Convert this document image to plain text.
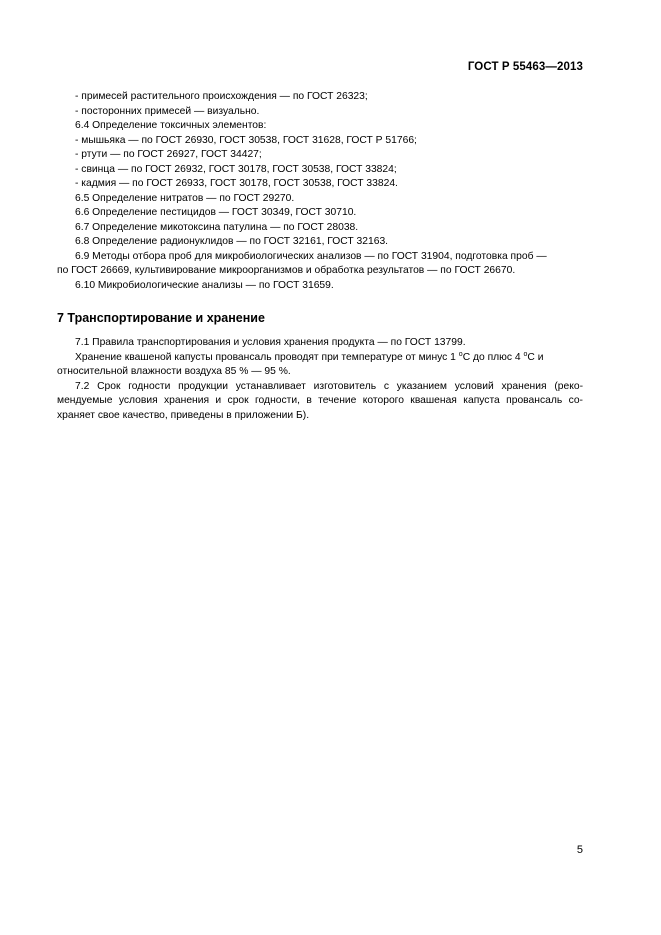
ГОСТ Р 55463—2013
- примесей растительного происхождения — по ГОСТ 26323;
- посторонних примесей — визуально.
6.4 Определение токсичных элементов:
- мышьяка — по ГОСТ 26930, ГОСТ 30538, ГОСТ 31628, ГОСТ Р 51766;
- ртути — по ГОСТ 26927, ГОСТ 34427;
- свинца — по ГОСТ 26932, ГОСТ 30178, ГОСТ 30538, ГОСТ 33824;
- кадмия — по ГОСТ 26933, ГОСТ 30178, ГОСТ 30538, ГОСТ 33824.
6.5 Определение нитратов — по ГОСТ 29270.
6.6 Определение пестицидов — ГОСТ 30349, ГОСТ 30710.
6.7 Определение микотоксина патулина — по ГОСТ 28038.
6.8 Определение радионуклидов — по ГОСТ 32161, ГОСТ 32163.
6.9 Методы отбора проб для микробиологических анализов — по ГОСТ 31904, подготовка проб —
по ГОСТ 26669, культивирование микроорганизмов и обработка результатов — по ГОСТ 26670.
6.10 Микробиологические анализы — по ГОСТ 31659.
7 Транспортирование и хранение
7.1 Правила транспортирования и условия хранения продукта — по ГОСТ 13799.
Хранение квашеной капусты провансаль проводят при температуре от минус 1 $^о$С до плюс 4 $^о$С и
относительной влажности воздуха 85 % — 95 %.
7.2 Срок годности продукции устанавливает изготовитель с указанием условий хранения (реко-
мендуемые условия хранения и срок годности, в течение которого квашеная капуста провансаль со-
храняет свое качество, приведены в приложении Б).
5
